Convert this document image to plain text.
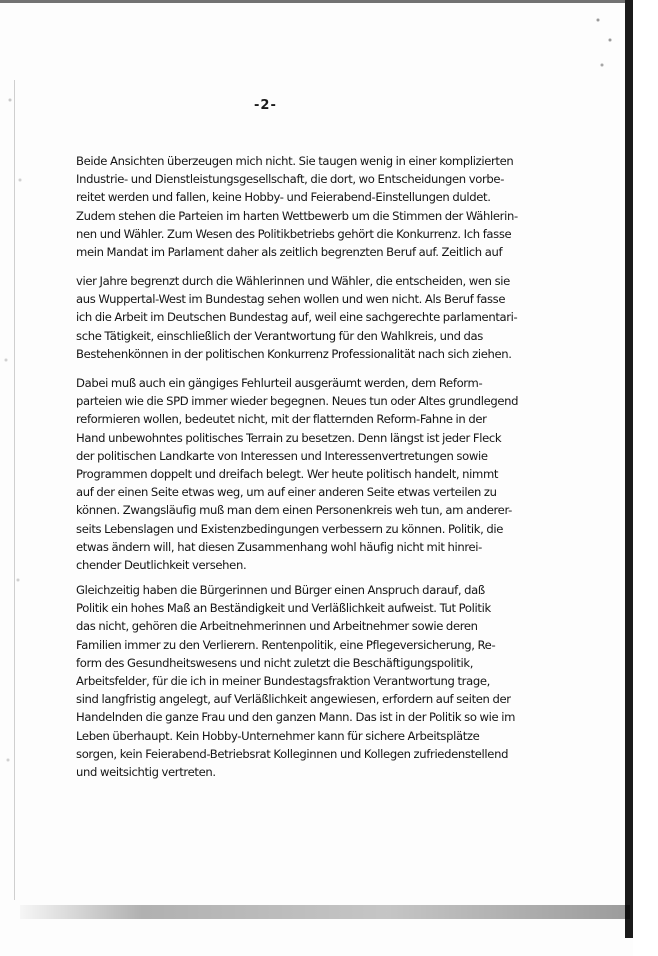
-2-
Beide Ansichten überzeugen mich nicht. Sie taugen wenig in einer komplizierten
Industrie- und Dienstleistungsgesellschaft, die dort, wo Entscheidungen vorbe-
reitet werden und fallen, keine Hobby- und Feierabend-Einstellungen duldet.
Zudem stehen die Parteien im harten Wettbewerb um die Stimmen der Wählerin-
nen und Wähler. Zum Wesen des Politikbetriebs gehört die Konkurrenz. Ich fasse
mein Mandat im Parlament daher als zeitlich begrenzten Beruf auf. Zeitlich auf
vier Jahre begrenzt durch die Wählerinnen und Wähler, die entscheiden, wen sie
aus Wuppertal-West im Bundestag sehen wollen und wen nicht. Als Beruf fasse
ich die Arbeit im Deutschen Bundestag auf, weil eine sachgerechte parlamentari-
sche Tätigkeit, einschließlich der Verantwortung für den Wahlkreis, und das
Bestehenkönnen in der politischen Konkurrenz Professionalität nach sich ziehen.
Dabei muß auch ein gängiges Fehlurteil ausgeräumt werden, dem Reform-
parteien wie die SPD immer wieder begegnen. Neues tun oder Altes grundlegend
reformieren wollen, bedeutet nicht, mit der flatternden Reform-Fahne in der
Hand unbewohntes politisches Terrain zu besetzen. Denn längst ist jeder Fleck
der politischen Landkarte von Interessen und Interessenvertretungen sowie
Programmen doppelt und dreifach belegt. Wer heute politisch handelt, nimmt
auf der einen Seite etwas weg, um auf einer anderen Seite etwas verteilen zu
können. Zwangsläufig muß man dem einen Personenkreis weh tun, am anderer-
seits Lebenslagen und Existenzbedingungen verbessern zu können. Politik, die
etwas ändern will, hat diesen Zusammenhang wohl häufig nicht mit hinrei-
chender Deutlichkeit versehen.
Gleichzeitig haben die Bürgerinnen und Bürger einen Anspruch darauf, daß
Politik ein hohes Maß an Beständigkeit und Verläßlichkeit aufweist. Tut Politik
das nicht, gehören die Arbeitnehmerinnen und Arbeitnehmer sowie deren
Familien immer zu den Verlierern. Rentenpolitik, eine Pflegeversicherung, Re-
form des Gesundheitswesens und nicht zuletzt die Beschäftigungspolitik,
Arbeitsfelder, für die ich in meiner Bundestagsfraktion Verantwortung trage,
sind langfristig angelegt, auf Verläßlichkeit angewiesen, erfordern auf seiten der
Handelnden die ganze Frau und den ganzen Mann. Das ist in der Politik so wie im
Leben überhaupt. Kein Hobby-Unternehmer kann für sichere Arbeitsplätze
sorgen, kein Feierabend-Betriebsrat Kolleginnen und Kollegen zufriedenstellend
und weitsichtig vertreten.
